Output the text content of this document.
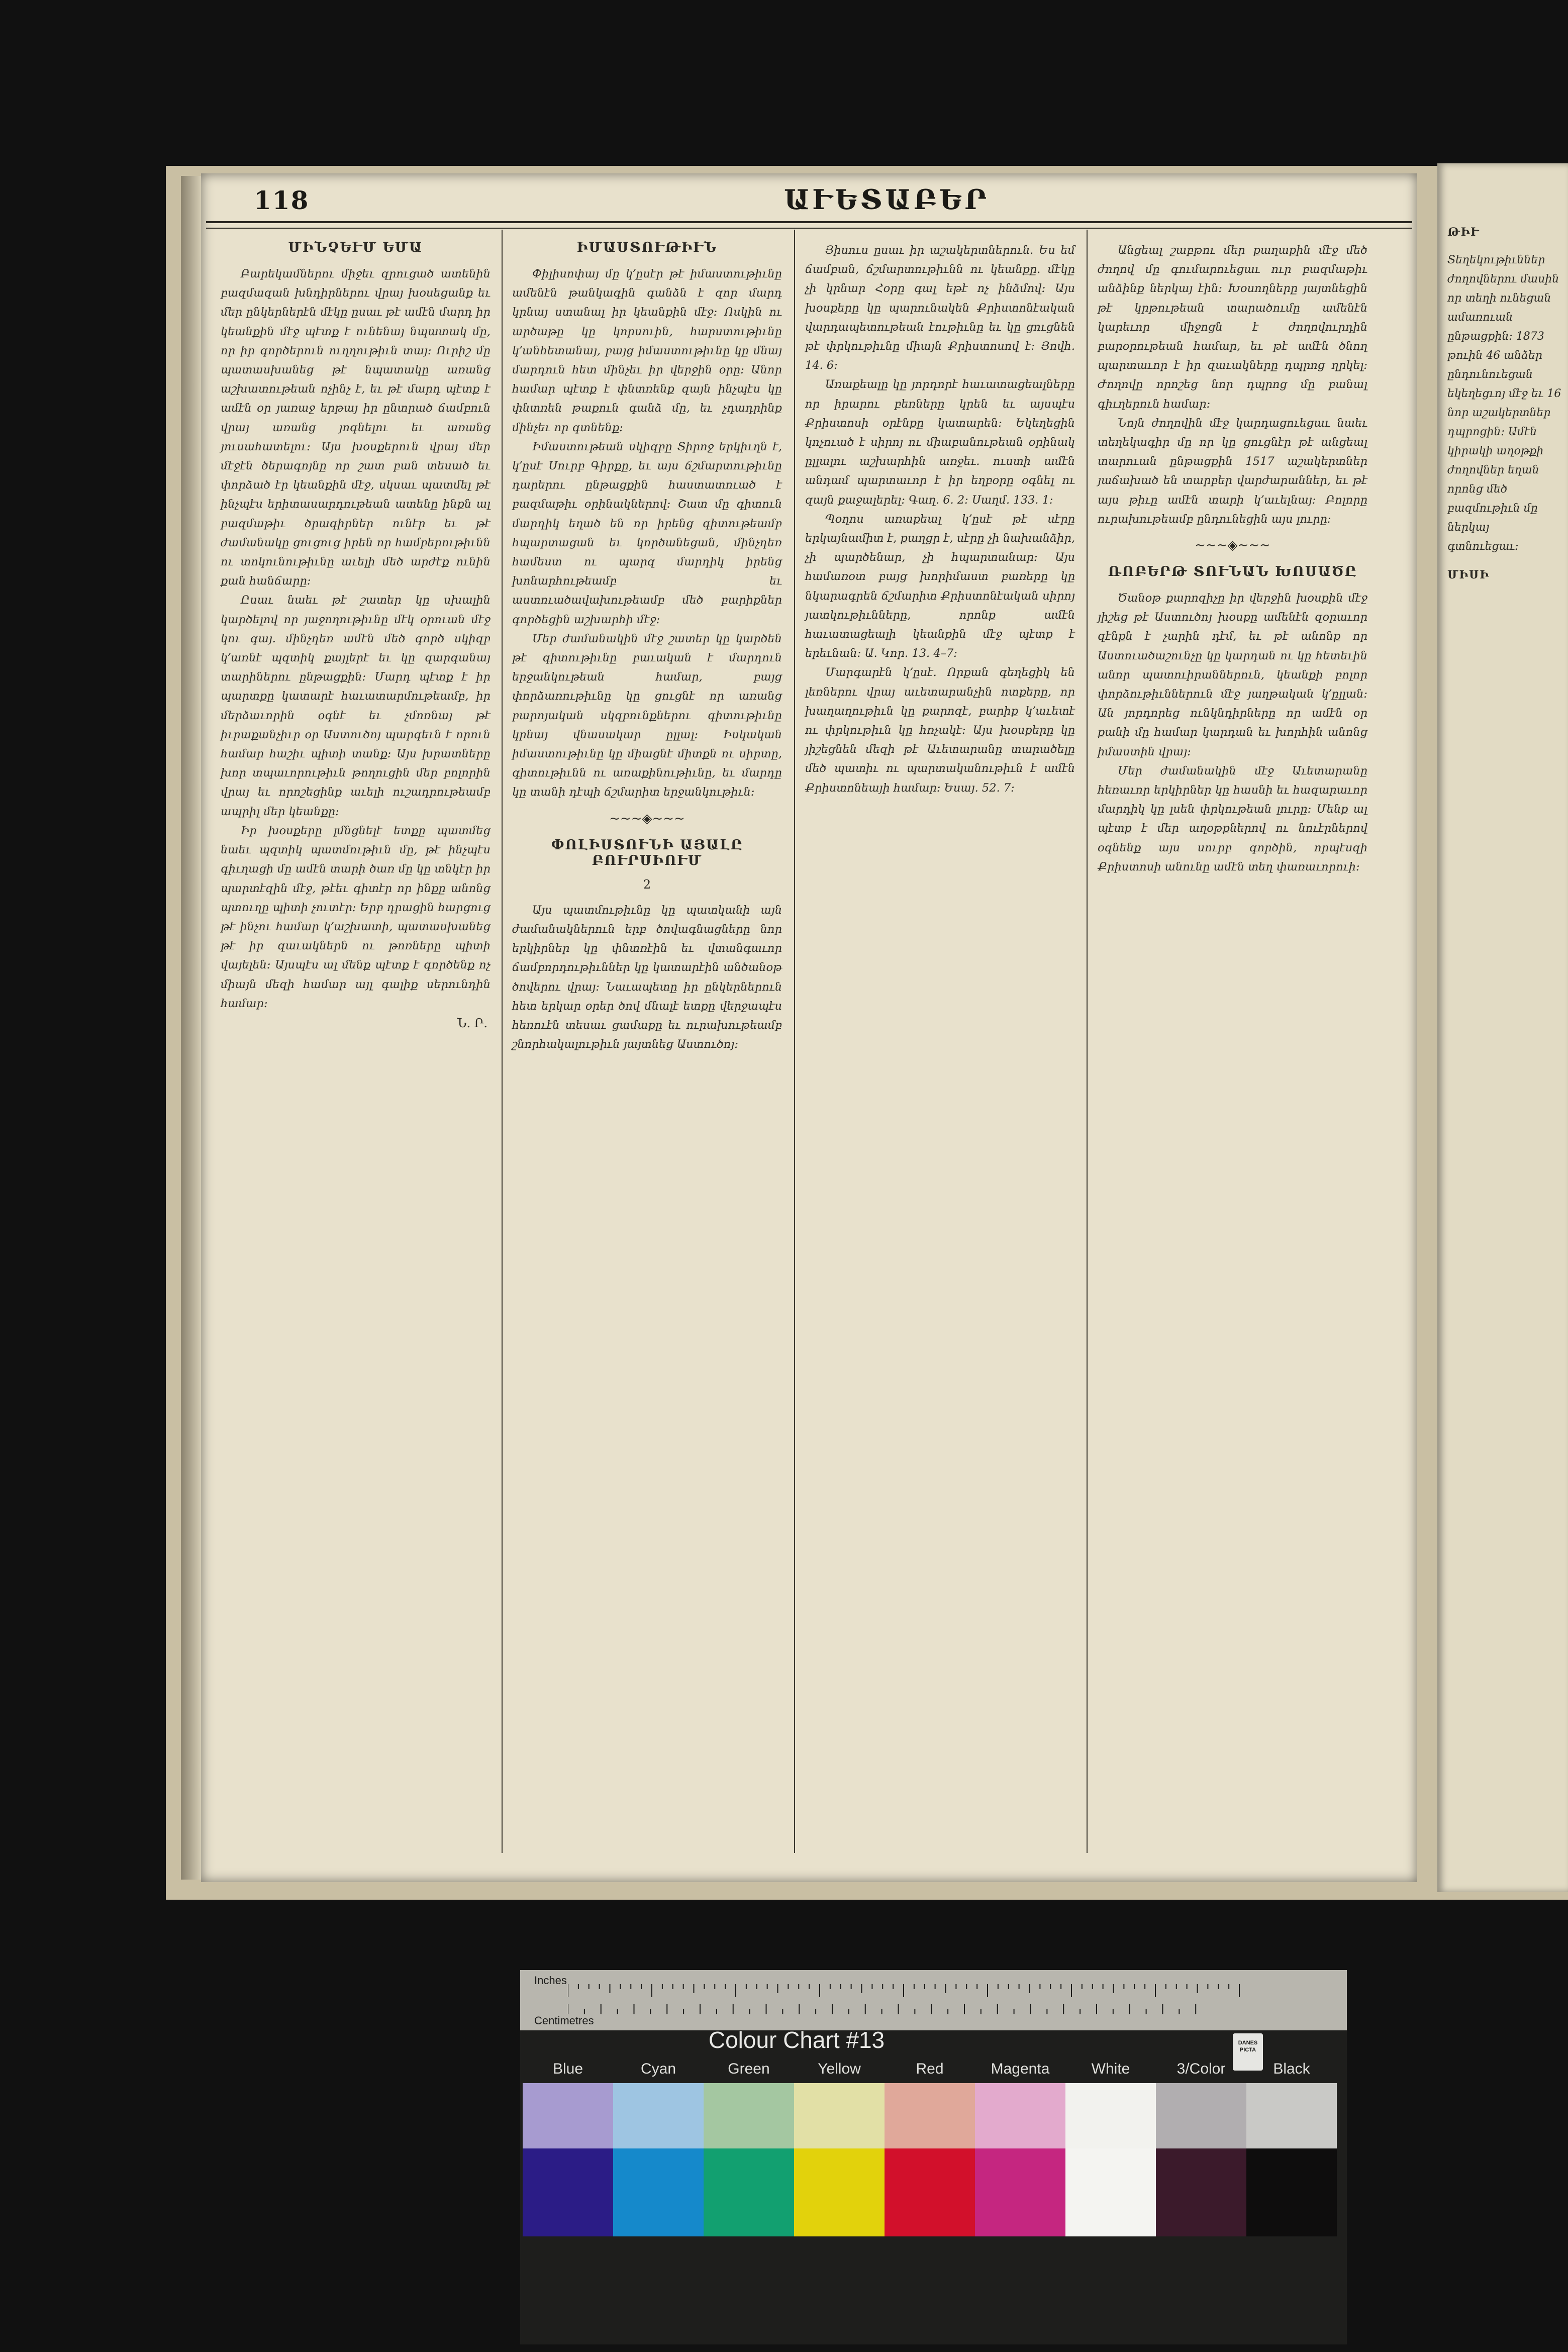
ԹԻՒ
Տեղեկութիւններ ժողովներու մասին որ տեղի ունեցան ամառուան ընթացքին։ 1873 թուին 46 անձեր ընդունուեցան եկեղեցւոյ մէջ եւ 16 նոր աշակերտներ դպրոցին։ Ամէն կիրակի աղօթքի ժողովներ եղան որոնց մեծ բազմութիւն մը ներկայ գտնուեցաւ։
ՄԻՍԻ
118	ԱՒԵՏԱԲԵՐ
ՄԻՆՉԵՒՄ ԵՄԱ

Բարեկամներու միջեւ զրուցած ատենին բազմազան խնդիրներու վրայ խօսեցանք եւ մեր ընկերներէն մէկը ըսաւ թէ ամէն մարդ իր կեանքին մէջ պէտք է ունենայ նպատակ մը, որ իր գործերուն ուղղութիւն տայ։ Ուրիշ մը պատասխանեց թէ նպատակը առանց աշխատութեան ոչինչ է, եւ թէ մարդ պէտք է ամէն օր յառաջ երթայ իր ընտրած ճամբուն վրայ առանց յոգնելու եւ առանց յուսահատելու։ Այս խօսքերուն վրայ մեր մէջէն ծերագոյնը որ շատ բան տեսած եւ փորձած էր կեանքին մէջ, սկսաւ պատմել թէ ինչպէս երիտասարդութեան ատենը ինքն ալ բազմաթիւ ծրագիրներ ունէր եւ թէ ժամանակը ցուցուց իրեն որ համբերութիւնն ու տոկունութիւնը աւելի մեծ արժէք ունին քան հանճարը։

Ըսաւ նաեւ թէ շատեր կը սխալին կարծելով որ յաջողութիւնը մէկ օրուան մէջ կու գայ. մինչդեռ ամէն մեծ գործ սկիզբ կ՚առնէ պզտիկ քայլերէ եւ կը զարգանայ տարիներու ընթացքին։ Մարդ պէտք է իր պարտքը կատարէ հաւատարմութեամբ, իր մերձաւորին օգնէ եւ չմոռնայ թէ իւրաքանչիւր օր Աստուծոյ պարգեւն է որուն համար հաշիւ պիտի տանք։ Այս խրատները խոր տպաւորութիւն թողուցին մեր բոլորին վրայ եւ որոշեցինք աւելի ուշադրութեամբ ապրիլ մեր կեանքը։

Իր խօսքերը լմնցնելէ ետքը պատմեց նաեւ պզտիկ պատմութիւն մը, թէ ինչպէս գիւղացի մը ամէն տարի ծառ մը կը տնկէր իր պարտէզին մէջ, թէեւ գիտէր որ ինքը անոնց պտուղը պիտի չուտէր։ Երբ դրացին հարցուց թէ ինչու համար կ՚աշխատի, պատասխանեց թէ իր զաւակներն ու թոռները պիտի վայելեն։ Այսպէս ալ մենք պէտք է գործենք ոչ միայն մեզի համար այլ գալիք սերունդին համար։

Ն. Ր.
ԻՄԱՍՏՈՒԹԻՒՆ

Փիլիսոփայ մը կ՚ըսէր թէ իմաստութիւնը ամենէն թանկագին գանձն է զոր մարդ կրնայ ստանալ իր կեանքին մէջ։ Ոսկին ու արծաթը կը կորսուին, հարստութիւնը կ՚անհետանայ, բայց իմաստութիւնը կը մնայ մարդուն հետ մինչեւ իր վերջին օրը։ Անոր համար պէտք է փնտռենք զայն ինչպէս կը փնտռեն թաքուն գանձ մը, եւ չդադրինք մինչեւ որ գտնենք։

Իմաստութեան սկիզբը Տիրոջ երկիւղն է, կ՚ըսէ Սուրբ Գիրքը, եւ այս ճշմարտութիւնը դարերու ընթացքին հաստատուած է բազմաթիւ օրինակներով։ Շատ մը գիտուն մարդիկ եղած են որ իրենց գիտութեամբ հպարտացան եւ կործանեցան, մինչդեռ համեստ ու պարզ մարդիկ իրենց խոնարհութեամբ եւ աստուածավախութեամբ մեծ բարիքներ գործեցին աշխարհի մէջ։

Մեր ժամանակին մէջ շատեր կը կարծեն թէ գիտութիւնը բաւական է մարդուն երջանկութեան համար, բայց փորձառութիւնը կը ցուցնէ որ առանց բարոյական սկզբունքներու գիտութիւնը կրնայ վնասակար ըլլալ։ Իսկական իմաստութիւնը կը միացնէ միտքն ու սիրտը, գիտութիւնն ու առաքինութիւնը, եւ մարդը կը տանի դէպի ճշմարիտ երջանկութիւն։

~~~◈~~~
ՓՈԼԻՍՏՈՒՆԻ ԱՅԱԼԸ ԲՈՒՐՍԻՈՒՄ
2

Այս պատմութիւնը կը պատկանի այն ժամանակներուն երբ ծովագնացները նոր երկիրներ կը փնտռէին եւ վտանգաւոր ճամբորդութիւններ կը կատարէին անծանօթ ծովերու վրայ։ Նաւապետը իր ընկերներուն հետ երկար օրեր ծով մնալէ ետքը վերջապէս հեռուէն տեսաւ ցամաքը եւ ուրախութեամբ շնորհակալութիւն յայտնեց Աստուծոյ։

Յիսուս ըսաւ իր աշակերտներուն. Ես եմ ճամբան, ճշմարտութիւնն ու կեանքը. մէկը չի կրնար Հօրը գալ եթէ ոչ ինձմով։ Այս խօսքերը կը պարունակեն Քրիստոնէական վարդապետութեան էութիւնը եւ կը ցուցնեն թէ փրկութիւնը միայն Քրիստոսով է։ Յովհ. 14. 6։

Առաքեալը կը յորդորէ հաւատացեալները որ իրարու բեռները կրեն եւ այսպէս Քրիստոսի օրէնքը կատարեն։ Եկեղեցին կոչուած է սիրոյ ու միաբանութեան օրինակ ըլլալու աշխարհին առջեւ. ուստի ամէն անդամ պարտաւոր է իր եղբօրը օգնել ու զայն քաջալերել։ Գաղ. 6. 2։ Սաղմ. 133. 1։

Պօղոս առաքեալ կ՚ըսէ թէ սէրը երկայնամիտ է, քաղցր է, սէրը չի նախանձիր, չի պարծենար, չի հպարտանար։ Այս համառօտ բայց խորիմաստ բառերը կը նկարագրեն ճշմարիտ Քրիստոնէական սիրոյ յատկութիւնները, որոնք ամէն հաւատացեալի կեանքին մէջ պէտք է երեւնան։ Ա. Կոր. 13. 4–7։

Մարգարէն կ՚ըսէ. Որքան գեղեցիկ են լեռներու վրայ աւետարանչին ոտքերը, որ խաղաղութիւն կը քարոզէ, բարիք կ՚աւետէ ու փրկութիւն կը հռչակէ։ Այս խօսքերը կը յիշեցնեն մեզի թէ Աւետարանը տարածելը մեծ պատիւ ու պարտականութիւն է ամէն Քրիստոնեայի համար։ Եսայ. 52. 7։

Անցեալ շաբթու մեր քաղաքին մէջ մեծ ժողով մը գումարուեցաւ ուր բազմաթիւ անձինք ներկայ էին։ Խօսողները յայտնեցին թէ կրթութեան տարածումը ամենէն կարեւոր միջոցն է ժողովուրդին բարօրութեան համար, եւ թէ ամէն ծնող պարտաւոր է իր զաւակները դպրոց ղրկել։ Ժողովը որոշեց նոր դպրոց մը բանալ գիւղերուն համար։

Նոյն ժողովին մէջ կարդացուեցաւ նաեւ տեղեկագիր մը որ կը ցուցնէր թէ անցեալ տարուան ընթացքին 1517 աշակերտներ յաճախած են տարբեր վարժարաններ, եւ թէ այս թիւը ամէն տարի կ՚աւելնայ։ Բոլորը ուրախութեամբ ընդունեցին այս լուրը։

~~~◈~~~
ՌՈԲԵՐԹ ՏՈՒՆԱՆ ԽՈՍԱԾԸ

Ծանօթ քարոզիչը իր վերջին խօսքին մէջ յիշեց թէ Աստուծոյ խօսքը ամենէն զօրաւոր զէնքն է չարին դէմ, եւ թէ անոնք որ Աստուածաշունչը կը կարդան ու կը հետեւին անոր պատուիրաններուն, կեանքի բոլոր փորձութիւններուն մէջ յաղթական կ՚ըլլան։ Ան յորդորեց ունկնդիրները որ ամէն օր քանի մը համար կարդան եւ խորհին անոնց իմաստին վրայ։

Մեր ժամանակին մէջ Աւետարանը հեռաւոր երկիրներ կը հասնի եւ հազարաւոր մարդիկ կը լսեն փրկութեան լուրը։ Մենք ալ պէտք է մեր աղօթքներով ու նուէրներով օգնենք այս սուրբ գործին, որպէսզի Քրիստոսի անունը ամէն տեղ փառաւորուի։

Inches
Centimetres
Colour Chart #13	DANES PICTA
Blue	Cyan	Green	Yellow	Red	Magenta	White	3/Color	Black
